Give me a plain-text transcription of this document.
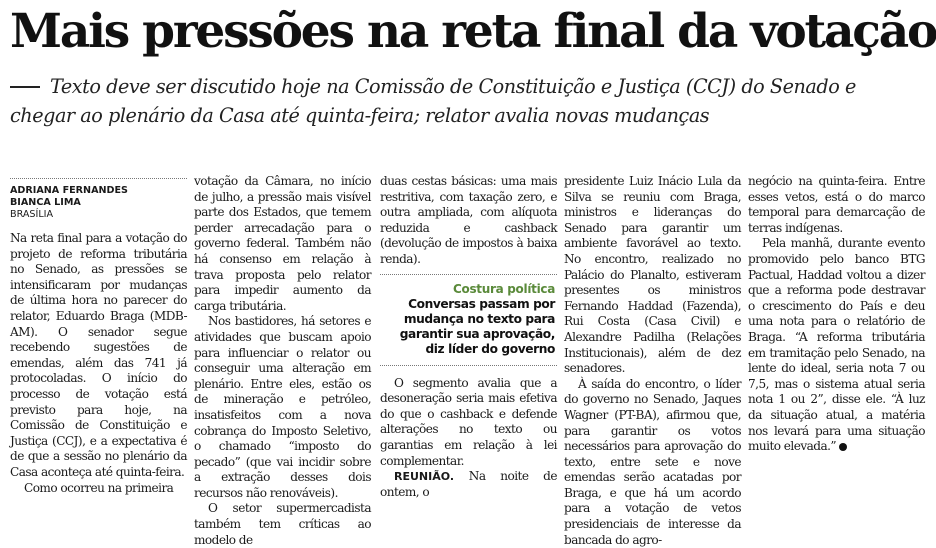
Mais pressões na reta final da votação
Texto deve ser discutido hoje na Comissão de Constituição e Justiça (CCJ) do Senado e chegar ao plenário da Casa até quinta-feira; relator avalia novas mudanças
ADRIANA FERNANDES
BIANCA LIMA
BRASÍLIA

Na reta final para a votação do projeto de reforma tributária no Senado, as pressões se intensificaram por mudanças de última hora no parecer do relator, Eduardo Braga (MDB-AM). O senador segue recebendo sugestões de emendas, além das 741 já protocoladas. O início do processo de votação está previsto para hoje, na Comissão de Constituição e Justiça (CCJ), e a expectativa é de que a sessão no plenário da Casa aconteça até quinta-feira.

Como ocorreu na primeira

votação da Câmara, no início de julho, a pressão mais visível parte dos Estados, que temem perder arrecadação para o governo federal. Também não há consenso em relação à trava proposta pelo relator para impedir aumento da carga tributária.

Nos bastidores, há setores e atividades que buscam apoio para influenciar o relator ou conseguir uma alteração em plenário. Entre eles, estão os de mineração e petróleo, insatisfeitos com a nova cobrança do Imposto Seletivo, o chamado “imposto do pecado” (que vai incidir sobre a extração desses dois recursos não renováveis).

O setor supermercadista também tem críticas ao modelo de

duas cestas básicas: uma mais restritiva, com taxação zero, e outra ampliada, com alíquota reduzida e cashback (devolução de impostos à baixa renda).

Costura política
Conversas passam por mudança no texto para garantir sua aprovação, diz líder do governo

O segmento avalia que a desoneração seria mais efetiva do que o cashback e defende alterações no texto ou garantias em relação à lei complementar.

REUNIÃO. Na noite de ontem, o

presidente Luiz Inácio Lula da Silva se reuniu com Braga, ministros e lideranças do Senado para garantir um ambiente favorável ao texto. No encontro, realizado no Palácio do Planalto, estiveram presentes os ministros Fernando Haddad (Fazenda), Rui Costa (Casa Civil) e Alexandre Padilha (Relações Institucionais), além de dez senadores.

À saída do encontro, o líder do governo no Senado, Jaques Wagner (PT-BA), afirmou que, para garantir os votos necessários para aprovação do texto, entre sete e nove emendas serão acatadas por Braga, e que há um acordo para a votação de vetos presidenciais de interesse da bancada do agro-

negócio na quinta-feira. Entre esses vetos, está o do marco temporal para demarcação de terras indígenas.

Pela manhã, durante evento promovido pelo banco BTG Pactual, Haddad voltou a dizer que a reforma pode destravar o crescimento do País e deu uma nota para o relatório de Braga. “A reforma tributária em tramitação pelo Senado, na lente do ideal, seria nota 7 ou 7,5, mas o sistema atual seria nota 1 ou 2”, disse ele. “À luz da situação atual, a matéria nos levará para uma situação muito elevada.”
